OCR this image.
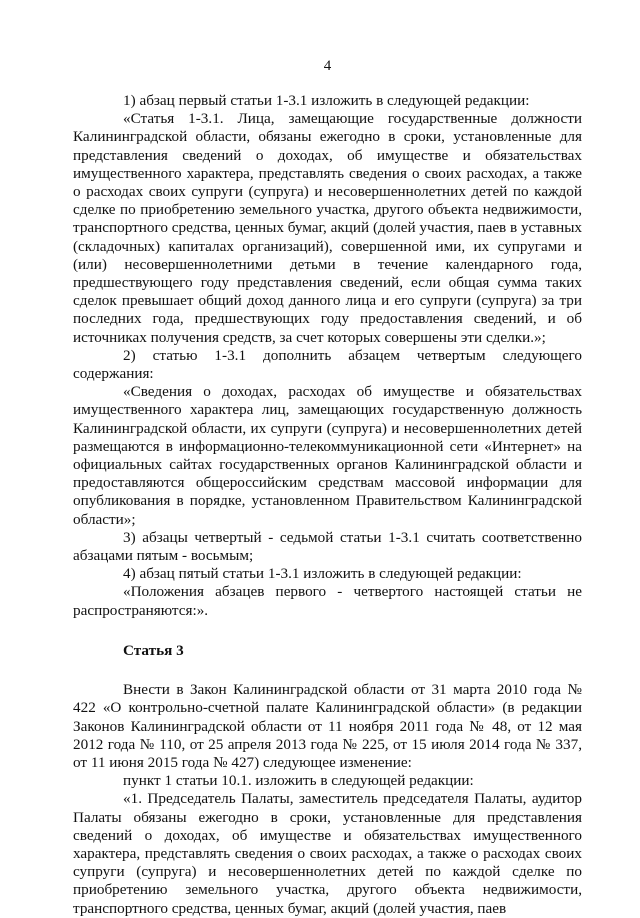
4

1) абзац первый статьи 1-3.1 изложить в следующей редакции:

«Статья 1-3.1. Лица, замещающие государственные должности Калининградской области, обязаны ежегодно в сроки, установленные для представления сведений о доходах, об имуществе и обязательствах имущественного характера, представлять сведения о своих расходах, а также о расходах своих супруги (супруга) и несовершеннолетних детей по каждой сделке по приобретению земельного участка, другого объекта недвижимости, транспортного средства, ценных бумаг, акций (долей участия, паев в уставных (складочных) капиталах организаций), совершенной ими, их супругами и (или) несовершеннолетними детьми в течение календарного года, предшествующего году представления сведений, если общая сумма таких сделок превышает общий доход данного лица и его супруги (супруга) за три последних года, предшествующих году предоставления сведений, и об источниках получения средств, за счет которых совершены эти сделки.»;

2) статью 1-3.1 дополнить абзацем четвертым следующего содержания:

«Сведения о доходах, расходах об имуществе и обязательствах имущественного характера лиц, замещающих государственную должность Калининградской области, их супруги (супруга) и несовершеннолетних детей размещаются в информационно-телекоммуникационной сети «Интернет» на официальных сайтах государственных органов Калининградской области и предоставляются общероссийским средствам массовой информации для опубликования в порядке, установленном Правительством Калининградской области»;

3) абзацы четвертый - седьмой статьи 1-3.1 считать соответственно абзацами пятым - восьмым;

4) абзац пятый статьи 1-3.1 изложить в следующей редакции:

«Положения абзацев первого - четвертого настоящей статьи не распространяются:».

Статья 3

Внести в Закон Калининградской области от 31 марта 2010 года № 422 «О контрольно-счетной палате Калининградской области» (в редакции Законов Калининградской области от 11 ноября 2011 года № 48, от 12 мая 2012 года № 110, от 25 апреля 2013 года № 225, от 15 июля 2014 года № 337, от 11 июня 2015 года № 427) следующее изменение:

пункт 1 статьи 10.1. изложить в следующей редакции:

«1. Председатель Палаты, заместитель председателя Палаты, аудитор Палаты обязаны ежегодно в сроки, установленные для представления сведений о доходах, об имуществе и обязательствах имущественного характера, представлять сведения о своих расходах, а также о расходах своих супруги (супруга) и несовершеннолетних детей по каждой сделке по приобретению земельного участка, другого объекта недвижимости, транспортного средства, ценных бумаг, акций (долей участия, паев
